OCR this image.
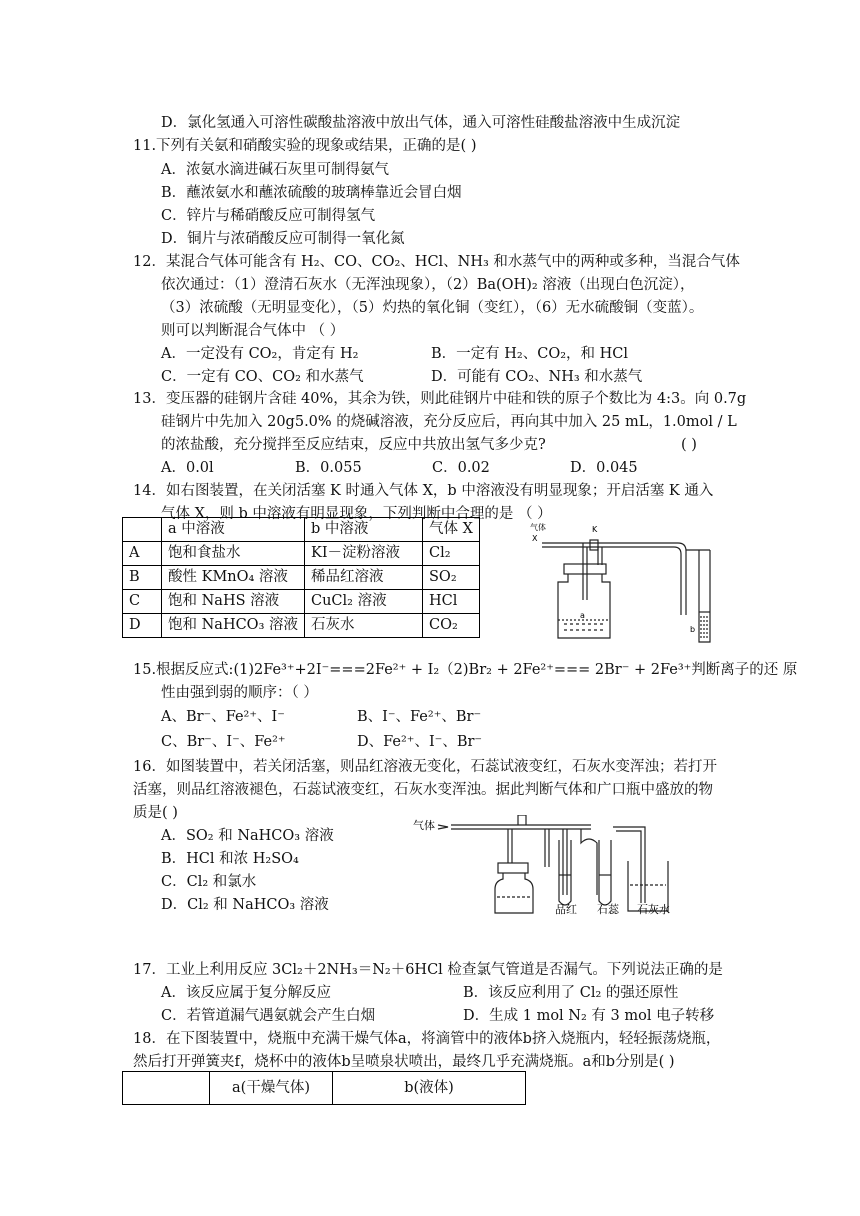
D．氯化氢通入可溶性碳酸盐溶液中放出气体，通入可溶性硅酸盐溶液中生成沉淀
11.下列有关氨和硝酸实验的现象或结果，正确的是( )
A．浓氨水滴进碱石灰里可制得氨气
B．蘸浓氨水和蘸浓硫酸的玻璃棒靠近会冒白烟
C．锌片与稀硝酸反应可制得氢气
D．铜片与浓硝酸反应可制得一氧化氮
12．某混合气体可能含有 H₂、CO、CO₂、HCl、NH₃ 和水蒸气中的两种或多种，当混合气体
依次通过：（1）澄清石灰水（无浑浊现象），（2）Ba(OH)₂ 溶液（出现白色沉淀），
（3）浓硫酸（无明显变化），（5）灼热的氧化铜（变红），（6）无水硫酸铜（变蓝）。
则可以判断混合气体中 （ ）
A．一定没有 CO₂，肯定有 H₂	B．一定有 H₂、CO₂，和 HCl
C．一定有 CO、CO₂ 和水蒸气	D．可能有 CO₂、NH₃ 和水蒸气
13．变压器的硅钢片含硅 40%，其余为铁，则此硅钢片中硅和铁的原子个数比为 4:3。向 0.7g
硅钢片中先加入 20g5.0% 的烧碱溶液，充分反应后，再向其中加入 25 mL，1.0mol / L
的浓盐酸，充分搅拌至反应结束，反应中共放出氢气多少克?	( )
A．0.0l	B．0.055	C．0.02	D．0.045
14．如右图装置，在关闭活塞 K 时通入气体 X，b 中溶液没有明显现象；开启活塞 K 通入
气体 X，则 b 中溶液有明显现象，下列判断中合理的是 （ ）
	a 中溶液	b 中溶液	气体 X
A	饱和食盐水	KI－淀粉溶液	Cl₂
B	酸性 KMnO₄ 溶液	稀品红溶液	SO₂
C	饱和 NaHS 溶液	CuCl₂ 溶液	HCl
D	饱和 NaHCO₃ 溶液	石灰水	CO₂
气体
X
K
a
b
15.根据反应式:(1)2Fe³⁺+2I⁻===2Fe²⁺ + I₂（2)Br₂ + 2Fe²⁺=== 2Br⁻ + 2Fe³⁺判断离子的还 原
性由强到弱的顺序：（ ）
A、Br⁻、Fe²⁺、I⁻	B、I⁻、Fe²⁺、Br⁻
C、Br⁻、I⁻、Fe²⁺	D、Fe²⁺、I⁻、Br⁻
16．如图装置中，若关闭活塞，则品红溶液无变化，石蕊试液变红，石灰水变浑浊；若打开
活塞，则品红溶液褪色，石蕊试液变红，石灰水变浑浊。据此判断气体和广口瓶中盛放的物
质是( )
A．SO₂ 和 NaHCO₃ 溶液
B．HCl 和浓 H₂SO₄
C．Cl₂ 和氯水
D．Cl₂ 和 NaHCO₃ 溶液
气体
品红 石蕊 石灰水
17．工业上利用反应 3Cl₂＋2NH₃＝N₂＋6HCl 检查氯气管道是否漏气。下列说法正确的是
A．该反应属于复分解反应	B．该反应利用了 Cl₂ 的强还原性
C．若管道漏气遇氨就会产生白烟	D．生成 1 mol N₂ 有 3 mol 电子转移
18．在下图装置中，烧瓶中充满干燥气体a，将滴管中的液体b挤入烧瓶内，轻轻振荡烧瓶，
然后打开弹簧夹f，烧杯中的液体b呈喷泉状喷出，最终几乎充满烧瓶。a和b分别是( )
	a(干燥气体)	b(液体)
